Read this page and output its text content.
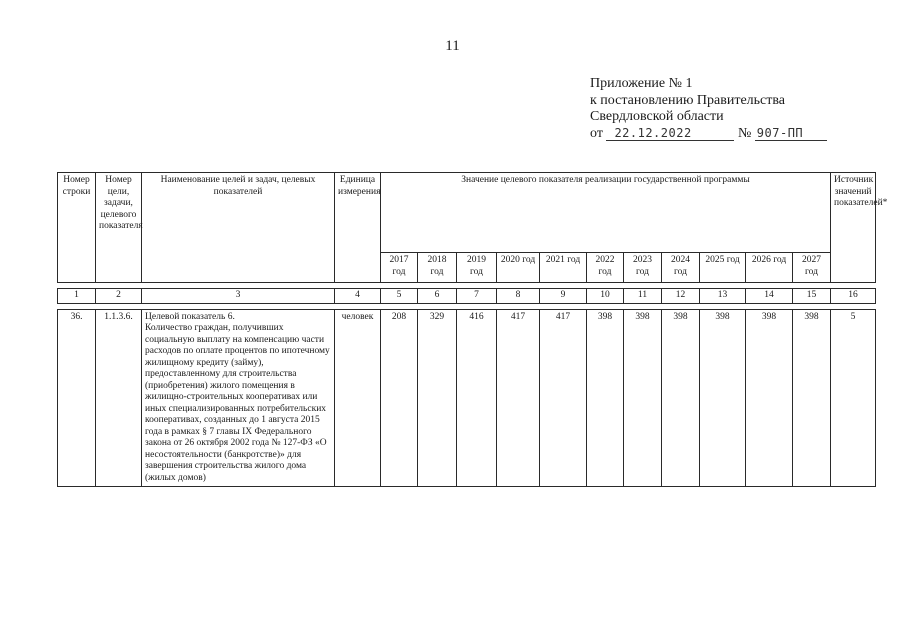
11
Приложение № 1
к постановлению Правительства
Свердловской области
от 22.12.2022	№ 907-ПП
Номер строки	Номер цели, задачи, целевого показателя	Наименование целей и задач, целевых показателей	Единица измерения	Значение целевого показателя реализации государственной программы											Источник значений показателей*

				2017 год	2018 год	2019 год	2020 год	2021 год	2022 год	2023 год	2024 год	2025 год	2026 год	2027 год	

1	2	3	4	5	6	7	8	9	10	11	12	13	14	15	16

36.	1.1.3.6.	Целевой показатель 6.
Количество граждан, получивших социальную выплату на компенсацию части расходов по оплате процентов по ипотечному жилищному кредиту (займу), предоставленному для строительства (приобретения) жилого помещения в жилищно-строительных кооперативах или иных специализированных потребительских кооперативах, созданных до 1 августа 2015 года в рамках § 7 главы IX Федерального закона от 26 октября 2002 года № 127-ФЗ «О несостоятельности (банкротстве)» для завершения строительства жилого дома (жилых домов)	человек	208	329	416	417	417	398	398	398	398	398	398	5
